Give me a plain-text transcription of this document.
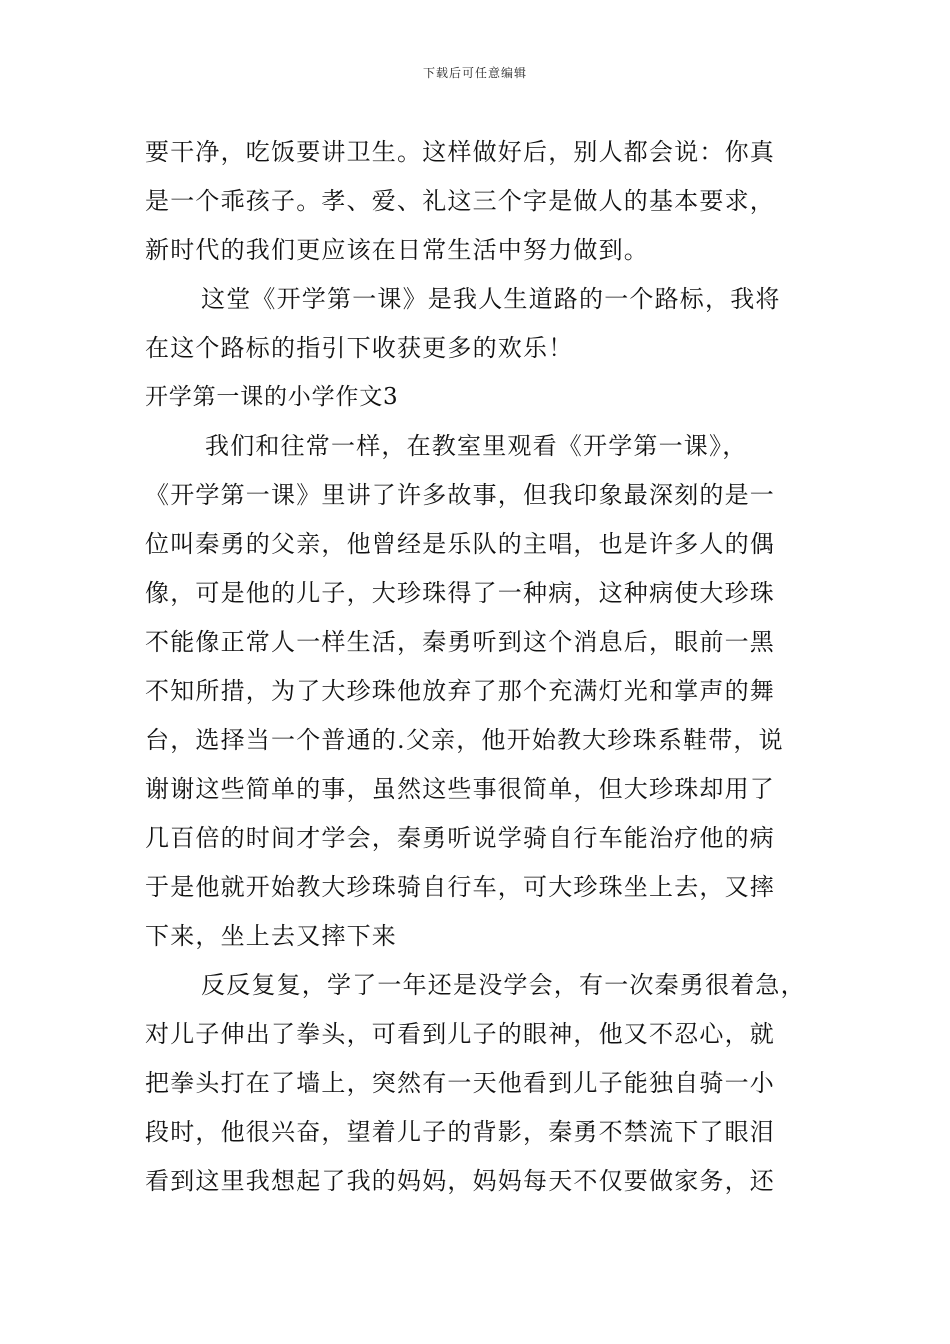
下载后可任意编辑
要干净，吃饭要讲卫生。这样做好后，别人都会说：你真
是一个乖孩子。孝、爱、礼这三个字是做人的基本要求，
新时代的我们更应该在日常生活中努力做到。
这堂《开学第一课》是我人生道路的一个路标，我将
在这个路标的指引下收获更多的欢乐！
开学第一课的小学作文3
我们和往常一样，在教室里观看《开学第一课》，
《开学第一课》里讲了许多故事，但我印象最深刻的是一
位叫秦勇的父亲，他曾经是乐队的主唱，也是许多人的偶
像，可是他的儿子，大珍珠得了一种病，这种病使大珍珠
不能像正常人一样生活，秦勇听到这个消息后，眼前一黑
不知所措，为了大珍珠他放弃了那个充满灯光和掌声的舞
台，选择当一个普通的.父亲，他开始教大珍珠系鞋带，说
谢谢这些简单的事，虽然这些事很简单，但大珍珠却用了
几百倍的时间才学会，秦勇听说学骑自行车能治疗他的病
于是他就开始教大珍珠骑自行车，可大珍珠坐上去，又摔
下来，坐上去又摔下来
反反复复，学了一年还是没学会，有一次秦勇很着急，
对儿子伸出了拳头，可看到儿子的眼神，他又不忍心，就
把拳头打在了墙上，突然有一天他看到儿子能独自骑一小
段时，他很兴奋，望着儿子的背影，秦勇不禁流下了眼泪
看到这里我想起了我的妈妈，妈妈每天不仅要做家务，还
